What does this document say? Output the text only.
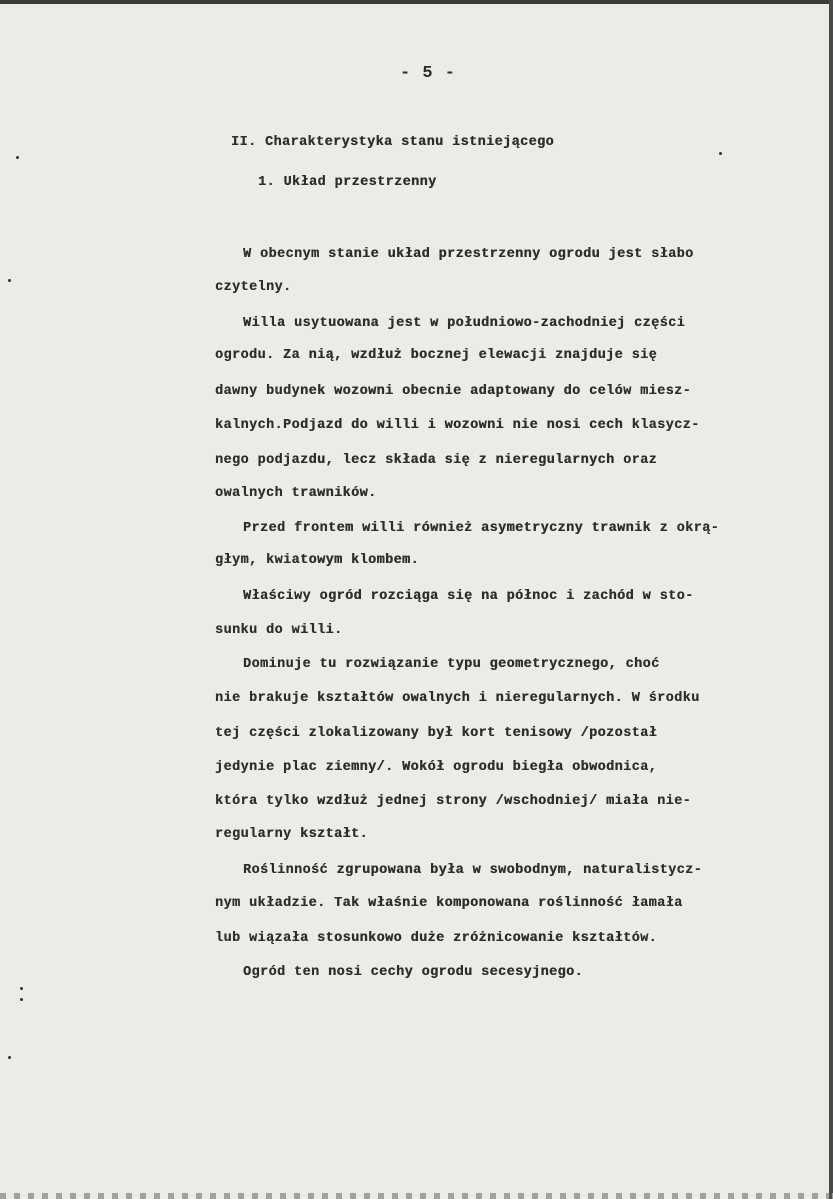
- 5 -
II. Charakterystyka stanu istniejącego
1. Układ przestrzenny
W obecnym stanie układ przestrzenny ogrodu jest słabo
czytelny.
Willa usytuowana jest w południowo-zachodniej części
ogrodu. Za nią, wzdłuż bocznej elewacji znajduje się
dawny budynek wozowni obecnie adaptowany do celów miesz-
kalnych.Podjazd do willi i wozowni nie nosi cech klasycz-
nego podjazdu, lecz składa się z nieregularnych oraz
owalnych trawników.
Przed frontem willi również asymetryczny trawnik z okrą-
głym, kwiatowym klombem.
Właściwy ogród rozciąga się na północ i zachód w sto-
sunku do willi.
Dominuje tu rozwiązanie typu geometrycznego, choć
nie brakuje kształtów owalnych i nieregularnych. W środku
tej części zlokalizowany był kort tenisowy /pozostał
jedynie plac ziemny/. Wokół ogrodu biegła obwodnica,
która tylko wzdłuż jednej strony /wschodniej/ miała nie-
regularny kształt.
Roślinność zgrupowana była w swobodnym, naturalistycz-
nym układzie. Tak właśnie komponowana roślinność łamała
lub wiązała stosunkowo duże zróżnicowanie kształtów.
Ogród ten nosi cechy ogrodu secesyjnego.
